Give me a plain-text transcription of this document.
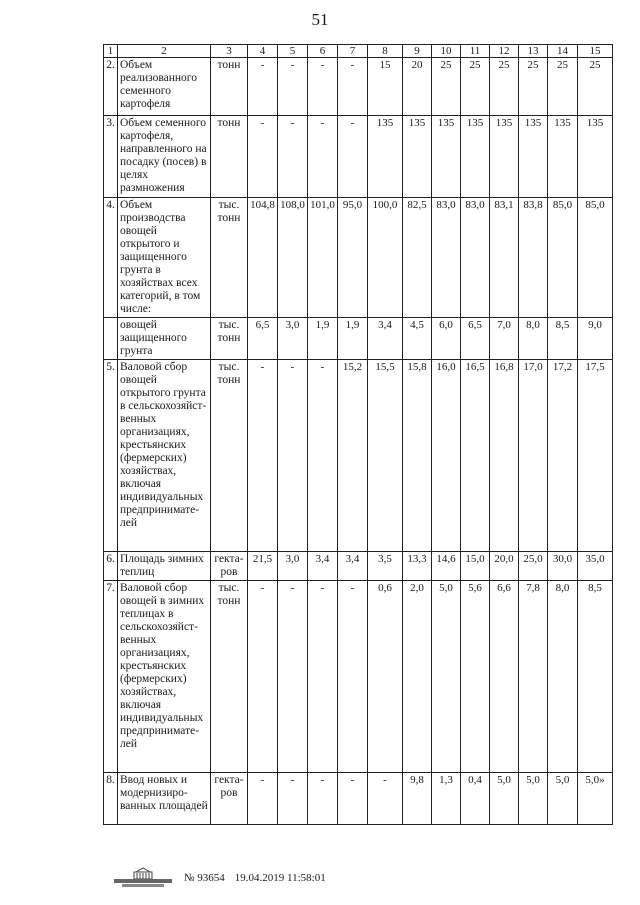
51
1	2	3	4	5	6	7	8	9	10	11	12	13	14	15
2.	Объем реализованного семенного картофеля	тонн	-	-	-	-	15	20	25	25	25	25	25	25
3.	Объем семенного картофеля, направленного на посадку (посев) в целях размножения	тонн	-	-	-	-	135	135	135	135	135	135	135	135
4.	Объем производства овощей открытого и защищенного грунта в хозяйствах всех категорий, в том числе:	тыс. тонн	104,8	108,0	101,0	95,0	100,0	82,5	83,0	83,0	83,1	83,8	85,0	85,0
	овощей защищенного грунта	тыс. тонн	6,5	3,0	1,9	1,9	3,4	4,5	6,0	6,5	7,0	8,0	8,5	9,0
5.	Валовой сбор овощей открытого грунта в сельскохозяйст-венных организациях, крестьянских (фермерских) хозяйствах, включая индивидуальных предпринимате-лей	тыс. тонн	-	-	-	15,2	15,5	15,8	16,0	16,5	16,8	17,0	17,2	17,5
6.	Площадь зимних теплиц	гекта-ров	21,5	3,0	3,4	3,4	3,5	13,3	14,6	15,0	20,0	25,0	30,0	35,0
7.	Валовой сбор овощей в зимних теплицах в сельскохозяйст-венных организациях, крестьянских (фермерских) хозяйствах, включая индивидуальных предпринимате-лей	тыс. тонн	-	-	-	-	0,6	2,0	5,0	5,6	6,6	7,8	8,0	8,5
8.	Ввод новых и модернизиро-ванных площадей	гекта-ров	-	-	-	-	-	9,8	1,3	0,4	5,0	5,0	5,0	5,0»
№ 93654 19.04.2019 11:58:01
